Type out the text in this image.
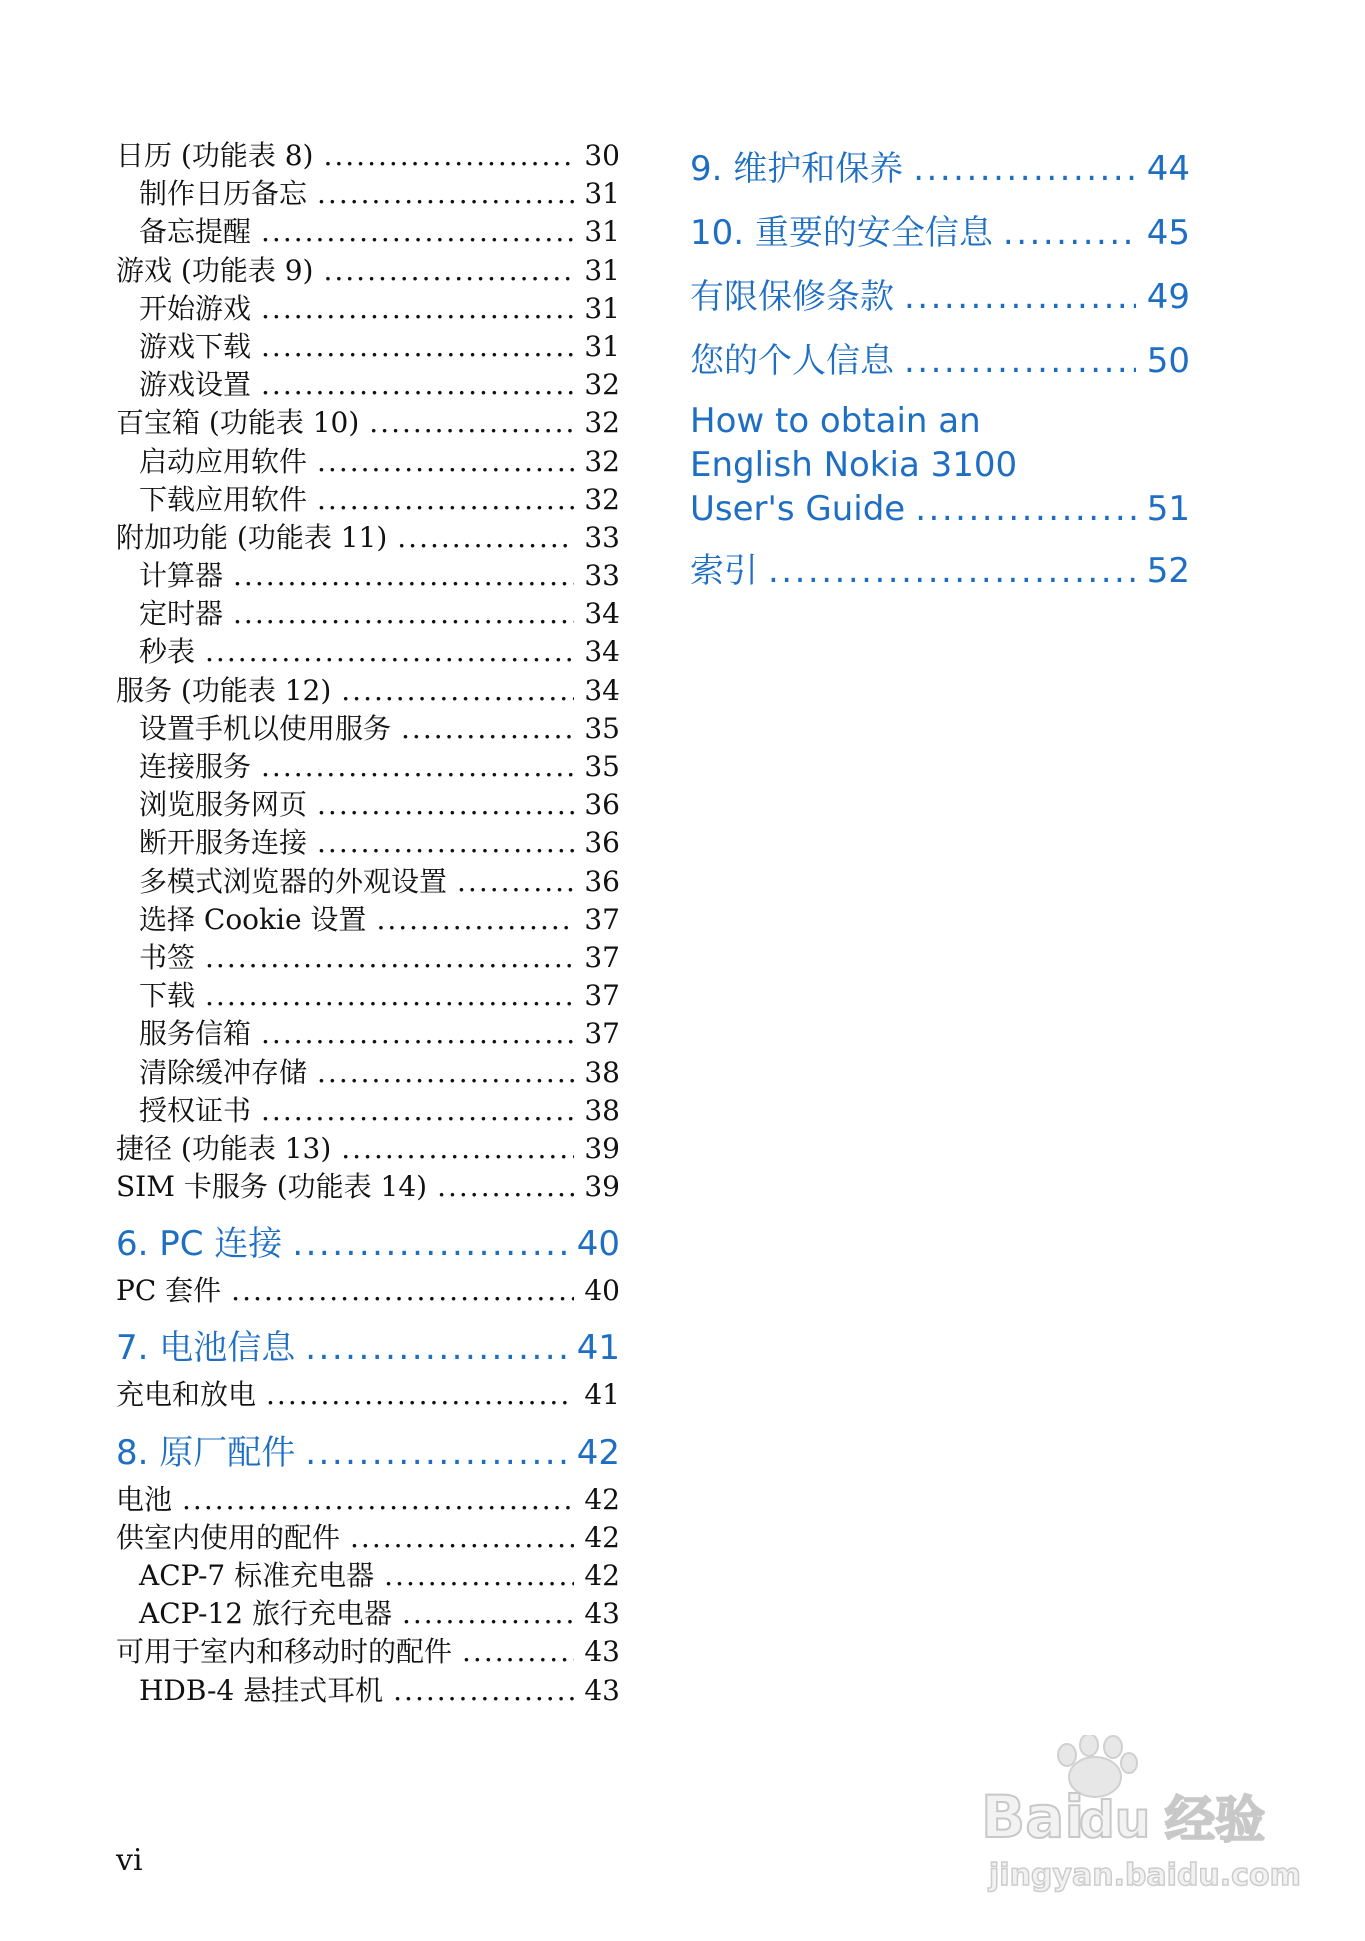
日历 (功能表 8) .....	30
制作日历备忘 .....	31
备忘提醒 .....	31
游戏 (功能表 9) .....	31
开始游戏 .....	31
游戏下载 .....	31
游戏设置 .....	32
百宝箱 (功能表 10) .....	32
启动应用软件 .....	32
下载应用软件 .....	32
附加功能 (功能表 11) .....	33
计算器 .....	33
定时器 .....	34
秒表 .....	34
服务 (功能表 12) .....	34
设置手机以使用服务 .....	35
连接服务 .....	35
浏览服务网页 .....	36
断开服务连接 .....	36
多模式浏览器的外观设置 .....	36
选择 Cookie 设置 .....	37
书签 .....	37
下载 .....	37
服务信箱 .....	37
清除缓冲存储 .....	38
授权证书 .....	38
捷径 (功能表 13) .....	39
SIM 卡服务 (功能表 14) .....	39
6. PC 连接 .....	40
PC 套件 .....	40
7. 电池信息 .....	41
充电和放电 .....	41
8. 原厂配件 .....	42
电池 .....	42
供室内使用的配件 .....	42
ACP-7 标准充电器 .....	42
ACP-12 旅行充电器 .....	43
可用于室内和移动时的配件 .....	43
HDB-4 悬挂式耳机 .....	43
9. 维护和保养 .....	44
10. 重要的安全信息 .....	45
有限保修条款 .....	49
您的个人信息 .....	50
How to obtain an
English Nokia 3100
User's Guide .....	51
索引 .....	52
vi
Bai
du 经验
jingyan.baidu.com
